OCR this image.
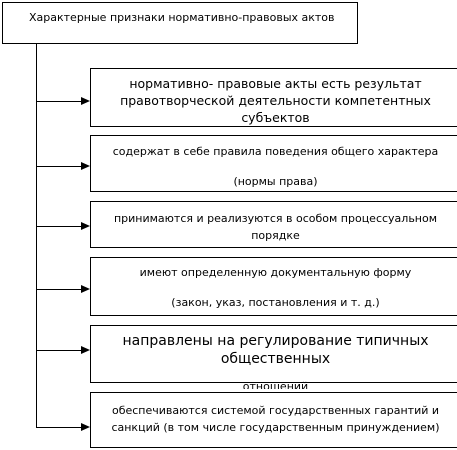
Характерные признаки нормативно-правовых актов
нормативно- правовые акты есть результат
правотворческой деятельности компетентных
субъектов
содержат в себе правила поведения общего характера
(нормы права)
принимаются и реализуются в особом процессуальном
порядке
имеют определенную документальную форму
(закон, указ, постановления и т. д.)
направлены на регулирование типичных
общественных
отношений
обеспечиваются системой государственных гарантий и
санкций (в том числе государственным принуждением)
